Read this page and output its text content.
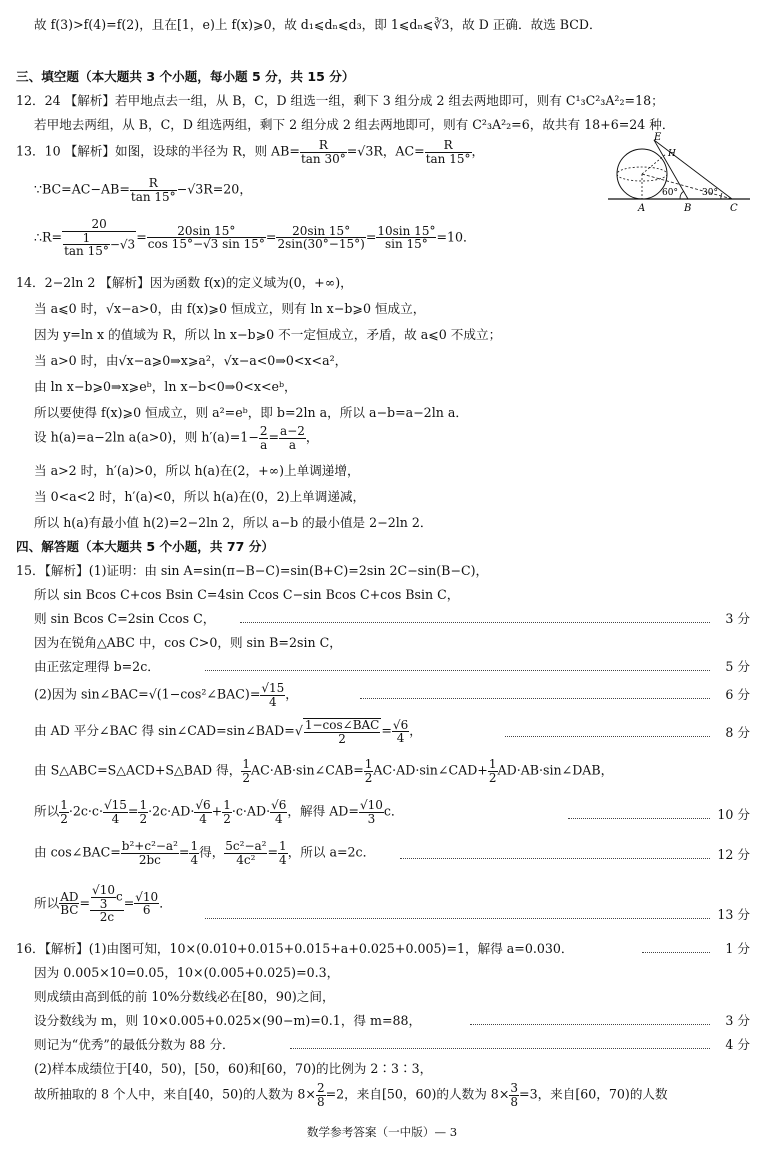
故 f(3)>f(4)=f(2)，且在[1，e)上 f(x)⩾0，故 d₁⩽dₙ⩽d₃，即 1⩽dₙ⩽∛3，故 D 正确．故选 BCD．
三、填空题（本大题共 3 个小题，每小题 5 分，共 15 分）
12．24 【解析】若甲地点去一组，从 B，C，D 组选一组，剩下 3 组分成 2 组去两地即可，则有 C¹₃C²₃A²₂=18；
若甲地去两组，从 B，C，D 组选两组，剩下 2 组分成 2 组去两地即可，则有 C²₃A²₂=6，故共有 18+6=24 种．
13．10 【解析】如图，设球的半径为 R，则 $AB= \frac{R}{\tan 30^\circ} =√3R$，$AC= \frac{R}{\tan 15^\circ}$ ，
∵BC=AC−AB= $\frac{R}{\tan 15^\circ} -√3R=20$，
∴R= $\frac{20}{\frac{1}{\tan 15^\circ} -√3} = \frac{20\sin 15^\circ}{\cos 15^\circ-√3 \sin 15^\circ} = \frac{20\sin 15^\circ}{2\sin(30^\circ-15^\circ)} = \frac{10\sin 15^\circ}{\sin 15^\circ} =10$．
E
H
A	B	C
60°	30°
14．2−2ln 2 【解析】因为函数 f(x)的定义域为(0，+∞)，
当 a⩽0 时，√x−a>0，由 f(x)⩾0 恒成立，则有 ln x−b⩾0 恒成立，
因为 y=ln x 的值域为 R，所以 ln x−b⩾0 不一定恒成立，矛盾，故 a⩽0 不成立；
当 a>0 时，由√x−a⩾0⇒x⩾a²，√x−a<0⇒0<x<a²，
由 ln x−b⩾0⇒x⩾eᵇ，ln x−b<0⇒0<x<eᵇ，
所以要使得 f(x)⩾0 恒成立，则 a²=eᵇ，即 b=2ln a，所以 a−b=a−2ln a．
设 h(a)=a−2ln a(a>0)，则 $h'(a)=1- \frac{2}{a} = \frac{a-2}{a}$ ，
当 a>2 时，h′(a)>0，所以 h(a)在(2，+∞)上单调递增，
当 0<a<2 时，h′(a)<0，所以 h(a)在(0，2)上单调递减，
所以 h(a)有最小值 h(2)=2−2ln 2，所以 a−b 的最小值是 2−2ln 2．
四、解答题（本大题共 5 个小题，共 77 分）
15．【解析】(1)证明：由 sin A=sin(π−B−C)=sin(B+C)=2sin 2C−sin(B−C)，
所以 sin Bcos C+cos Bsin C=4sin Ccos C−sin Bcos C+cos Bsin C，
则 sin Bcos C=2sin Ccos C，	3 分
因为在锐角△ABC 中，cos C>0，则 sin B=2sin C，
由正弦定理得 b=2c．	5 分
(2)因为 sin∠BAC=√(1−cos²∠BAC)= $\frac{√15}{4}$ ，	6 分
由 AD 平分∠BAC 得 sin∠CAD=sin∠BAD=√ 1−cos∠BAC
2
= $\frac{√6}{4}$ ，	8 分
由 S△ABC=S△ACD+S△BAD 得， $\frac{1}{2}$ AC·AB·sin∠CAB= $\frac{1}{2}$ AC·AD·sin∠CAD+ $\frac{1}{2}$ AD·AB·sin∠DAB，
所以 $\frac{1}{2} \cdot 2c\cdot c\cdot \frac{√15}{4} = \frac{1}{2} \cdot 2c\cdot AD\cdot \frac{√6}{4} + \frac{1}{2} \cdot c\cdot AD\cdot \frac{√6}{4}$ ，解得 $AD= \frac{√10}{3}$ c．	10 分
由 cos∠BAC= $\frac{\text{b²+c²−a²}}{2bc} = \frac{1}{4}$ 得， $\frac{\text{5c²−a²}}{\text{4c²}} = \frac{1}{4}$ ，所以 a=2c．	12 分
所以 $\frac{AD}{BC} = \frac{\frac{√10}{3} c}{2c} = \frac{√10}{6}$ ．
13 分
16．【解析】(1)由图可知，10×(0.010+0.015+0.015+a+0.025+0.005)=1，解得 a=0.030．	1 分
因为 0.005×10=0.05，10×(0.005+0.025)=0.3，
则成绩由高到低的前 10%分数线必在[80，90)之间，
设分数线为 m，则 10×0.005+0.025×(90−m)=0.1，得 m=88，	3 分
则记为“优秀”的最低分数为 88 分．	4 分
(2)样本成绩位于[40，50)，[50，60)和[60，70)的比例为 2∶3∶3，
故所抽取的 8 个人中，来自[40，50)的人数为 $8\times \frac{2}{8} =2$，来自[50，60)的人数为 $8\times \frac{3}{8} =3$，来自[60，70)的人数
数学参考答案（一中版）— 3
